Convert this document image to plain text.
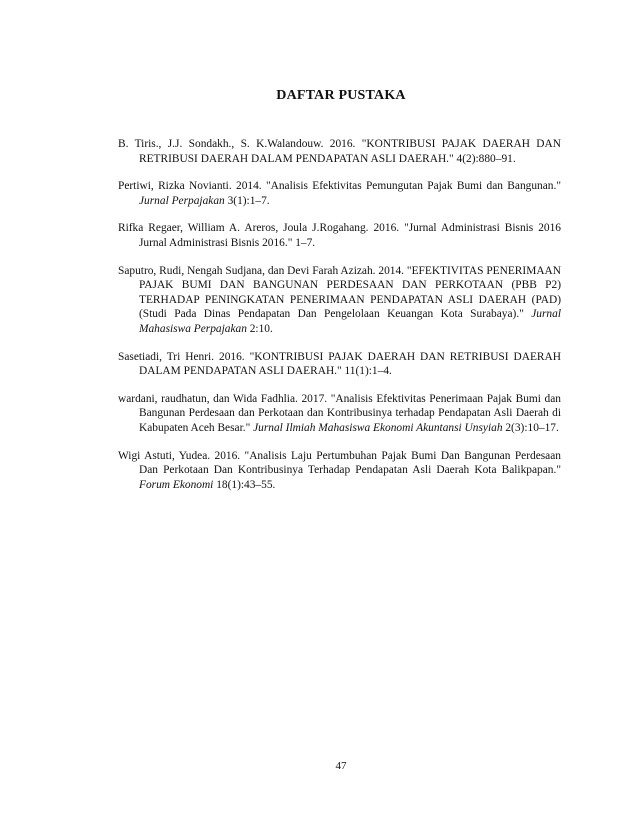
DAFTAR PUSTAKA

B. Tiris., J.J. Sondakh., S. K.Walandouw. 2016. "KONTRIBUSI PAJAK DAERAH DAN RETRIBUSI DAERAH DALAM PENDAPATAN ASLI DAERAH." 4(2):880–91.

Pertiwi, Rizka Novianti. 2014. "Analisis Efektivitas Pemungutan Pajak Bumi dan Bangunan." Jurnal Perpajakan 3(1):1–7.

Rifka Regaer, William A. Areros, Joula J.Rogahang. 2016. "Jurnal Administrasi Bisnis 2016 Jurnal Administrasi Bisnis 2016." 1–7.

Saputro, Rudi, Nengah Sudjana, dan Devi Farah Azizah. 2014. "EFEKTIVITAS PENERIMAAN PAJAK BUMI DAN BANGUNAN PERDESAAN DAN PERKOTAAN (PBB P2) TERHADAP PENINGKATAN PENERIMAAN PENDAPATAN ASLI DAERAH (PAD) (Studi Pada Dinas Pendapatan Dan Pengelolaan Keuangan Kota Surabaya)." Jurnal Mahasiswa Perpajakan 2:10.

Sasetiadi, Tri Henri. 2016. "KONTRIBUSI PAJAK DAERAH DAN RETRIBUSI DAERAH DALAM PENDAPATAN ASLI DAERAH." 11(1):1–4.

wardani, raudhatun, dan Wida Fadhlia. 2017. "Analisis Efektivitas Penerimaan Pajak Bumi dan Bangunan Perdesaan dan Perkotaan dan Kontribusinya terhadap Pendapatan Asli Daerah di Kabupaten Aceh Besar." Jurnal Ilmiah Mahasiswa Ekonomi Akuntansi Unsyiah 2(3):10–17.

Wigi Astuti, Yudea. 2016. "Analisis Laju Pertumbuhan Pajak Bumi Dan Bangunan Perdesaan Dan Perkotaan Dan Kontribusinya Terhadap Pendapatan Asli Daerah Kota Balikpapan." Forum Ekonomi 18(1):43–55.

47
